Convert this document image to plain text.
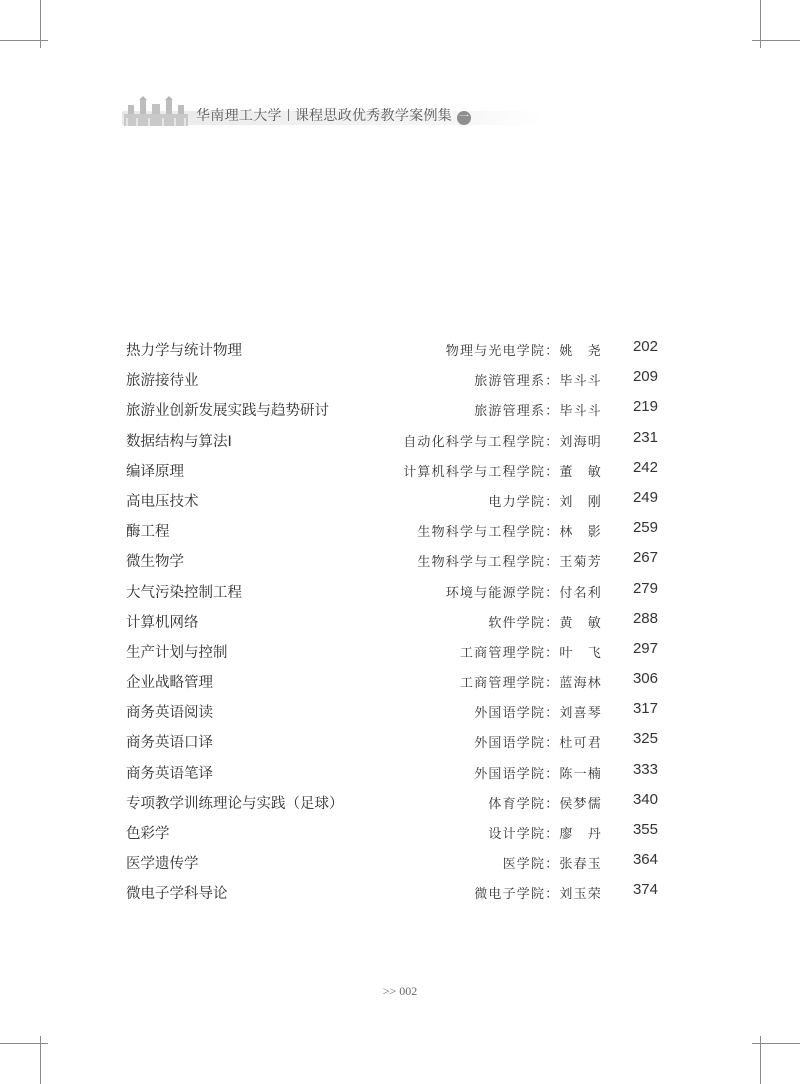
华南理工大学 课程思政优秀教学案例集 一
热力学与统计物理	物理与光电学院：姚　尧 202
旅游接待业	旅游管理系：毕斗斗 209
旅游业创新发展实践与趋势研讨	旅游管理系：毕斗斗 219
数据结构与算法Ⅰ	自动化科学与工程学院：刘海明 231
编译原理	计算机科学与工程学院：董　敏 242
高电压技术	电力学院：刘　刚 249
酶工程	生物科学与工程学院：林　影 259
微生物学	生物科学与工程学院：王菊芳 267
大气污染控制工程	环境与能源学院：付名利 279
计算机网络	软件学院：黄　敏 288
生产计划与控制	工商管理学院：叶　飞 297
企业战略管理	工商管理学院：蓝海林 306
商务英语阅读	外国语学院：刘喜琴 317
商务英语口译	外国语学院：杜可君 325
商务英语笔译	外国语学院：陈一楠 333
专项教学训练理论与实践（足球）	体育学院：侯梦儒 340
色彩学	设计学院：廖　丹 355
医学遗传学	医学院：张春玉 364
微电子学科导论	微电子学院：刘玉荣 374
>> 002
